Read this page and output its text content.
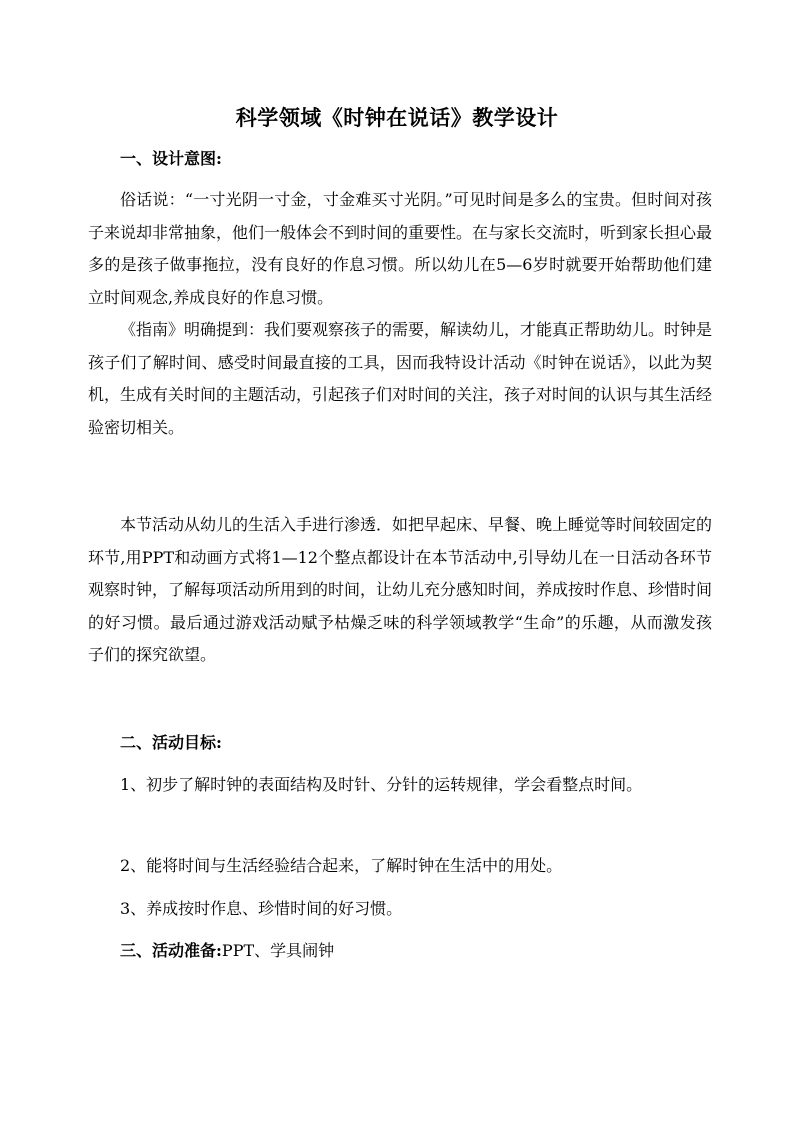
科学领域《时钟在说话》教学设计
一、设计意图:

俗话说：“一寸光阴一寸金，寸金难买寸光阴。”可见时间是多么的宝贵。但时间对孩子来说却非常抽象，他们一般体会不到时间的重要性。在与家长交流时，听到家长担心最多的是孩子做事拖拉，没有良好的作息习惯。所以幼儿在5—6岁时就要开始帮助他们建立时间观念,养成良好的作息习惯。

《指南》明确提到：我们要观察孩子的需要，解读幼儿，才能真正帮助幼儿。时钟是孩子们了解时间、感受时间最直接的工具，因而我特设计活动《时钟在说话》，以此为契机，生成有关时间的主题活动，引起孩子们对时间的关注，孩子对时间的认识与其生活经验密切相关。

本节活动从幼儿的生活入手进行渗透．如把早起床、早餐、晚上睡觉等时间较固定的环节,用PPT和动画方式将1—12个整点都设计在本节活动中,引导幼儿在一日活动各环节观察时钟，了解每项活动所用到的时间，让幼儿充分感知时间，养成按时作息、珍惜时间的好习惯。最后通过游戏活动赋予枯燥乏味的科学领域教学“生命”的乐趣，从而激发孩子们的探究欲望。

二、活动目标:

1、初步了解时钟的表面结构及时针、分针的运转规律，学会看整点时间。

2、能将时间与生活经验结合起来，了解时钟在生活中的用处。

3、养成按时作息、珍惜时间的好习惯。

三、活动准备:PPT、学具闹钟
